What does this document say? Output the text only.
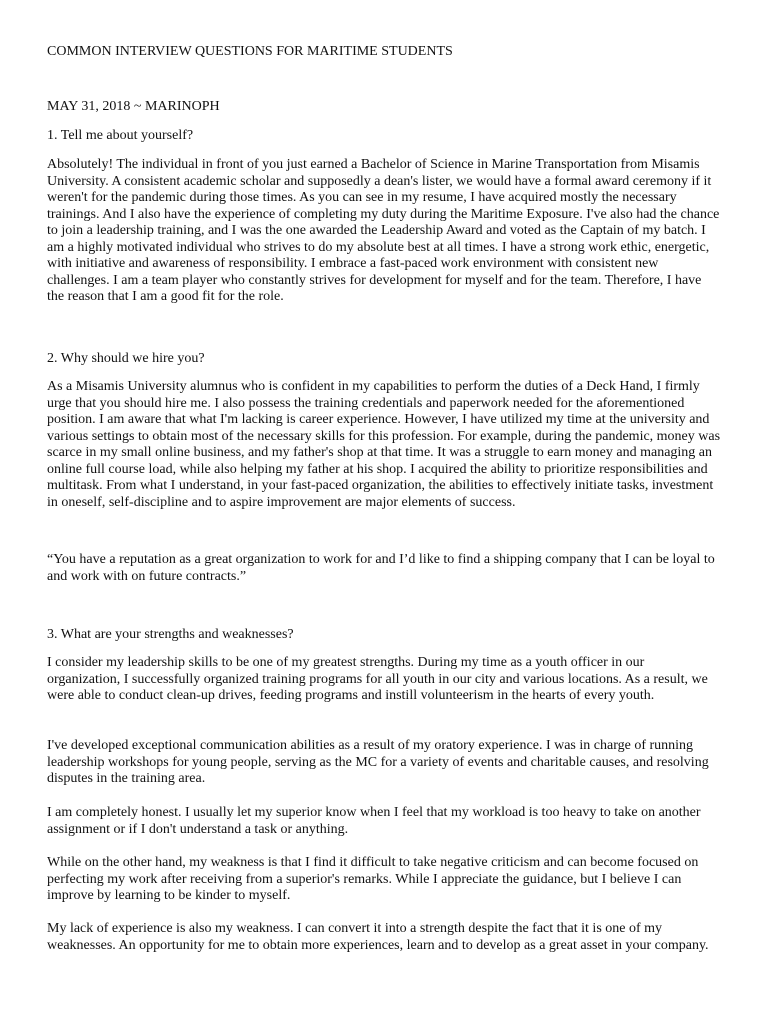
COMMON INTERVIEW QUESTIONS FOR MARITIME STUDENTS

MAY 31, 2018 ~ MARINOPH

1. Tell me about yourself?

Absolutely! The individual in front of you just earned a Bachelor of Science in Marine Transportation from Misamis University. A consistent academic scholar and supposedly a dean's lister, we would have a formal award ceremony if it weren't for the pandemic during those times. As you can see in my resume, I have acquired mostly the necessary trainings. And I also have the experience of completing my duty during the Maritime Exposure. I've also had the chance to join a leadership training, and I was the one awarded the Leadership Award and voted as the Captain of my batch. I am a highly motivated individual who strives to do my absolute best at all times. I have a strong work ethic, energetic, with initiative and awareness of responsibility. I embrace a fast-paced work environment with consistent new challenges. I am a team player who constantly strives for development for myself and for the team. Therefore, I have the reason that I am a good fit for the role.

2. Why should we hire you?

As a Misamis University alumnus who is confident in my capabilities to perform the duties of a Deck Hand, I firmly urge that you should hire me. I also possess the training credentials and paperwork needed for the aforementioned position. I am aware that what I'm lacking is career experience. However, I have utilized my time at the university and various settings to obtain most of the necessary skills for this profession. For example, during the pandemic, money was scarce in my small online business, and my father's shop at that time. It was a struggle to earn money and managing an online full course load, while also helping my father at his shop. I acquired the ability to prioritize responsibilities and multitask. From what I understand, in your fast-paced organization, the abilities to effectively initiate tasks, investment in oneself, self-discipline and to aspire improvement are major elements of success.

“You have a reputation as a great organization to work for and I’d like to find a shipping company that I can be loyal to and work with on future contracts.”

3. What are your strengths and weaknesses?

I consider my leadership skills to be one of my greatest strengths. During my time as a youth officer in our organization, I successfully organized training programs for all youth in our city and various locations. As a result, we were able to conduct clean-up drives, feeding programs and instill volunteerism in the hearts of every youth.

I've developed exceptional communication abilities as a result of my oratory experience. I was in charge of running leadership workshops for young people, serving as the MC for a variety of events and charitable causes, and resolving disputes in the training area.

I am completely honest. I usually let my superior know when I feel that my workload is too heavy to take on another assignment or if I don't understand a task or anything.

While on the other hand, my weakness is that I find it difficult to take negative criticism and can become focused on perfecting my work after receiving from a superior's remarks. While I appreciate the guidance, but I believe I can improve by learning to be kinder to myself.

My lack of experience is also my weakness. I can convert it into a strength despite the fact that it is one of my weaknesses. An opportunity for me to obtain more experiences, learn and to develop as a great asset in your company.
